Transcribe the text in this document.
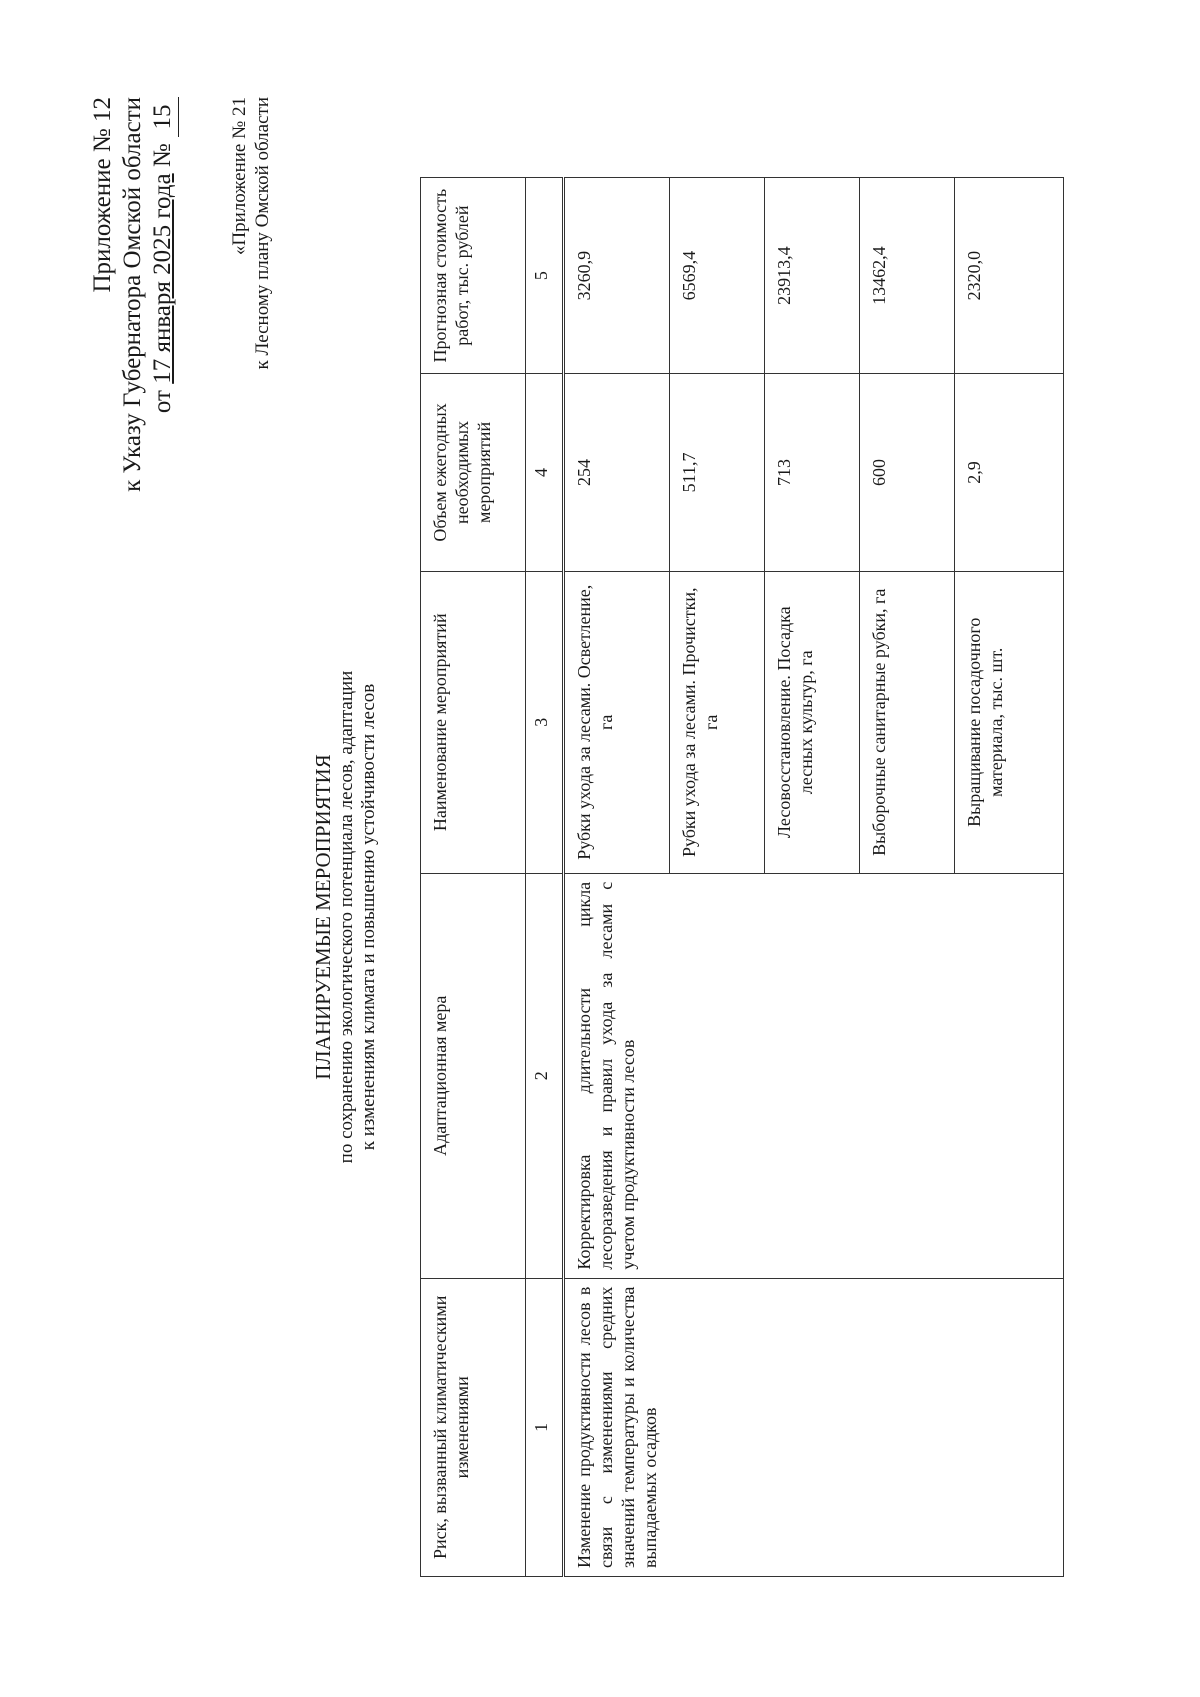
Приложение № 12 к Указу Губернатора Омской области от 17 января 2025 года № 15	«Приложение № 21 к Лесному плану Омской области
ПЛАНИРУЕМЫЕ МЕРОПРИЯТИЯ по сохранению экологического потенциала лесов, адаптации к изменениям климата и повышению устойчивости лесов
Риск, вызванный климатическими изменениями	Адаптационная мера	Наименование мероприятий	Объем ежегодных необходимых мероприятий	Прогнозная стоимость работ, тыс. рублей
1	2	3	4	5
Изменение продуктивности лесов в связи с изменениями средних значений температуры и количества выпадаемых осадков	Корректировка длительности цикла лесоразведения и правил ухода за лесами с учетом продуктивности лесов	Рубки ухода за лесами. Осветление, га	254	3260,9
		Рубки ухода за лесами. Прочистки, га	511,7	6569,4
		Лесовосстановление. Посадка лесных культур, га	713	23913,4
		Выборочные санитарные рубки, га	600	13462,4
		Выращивание посадочного материала, тыс. шт.	2,9	2320,0
